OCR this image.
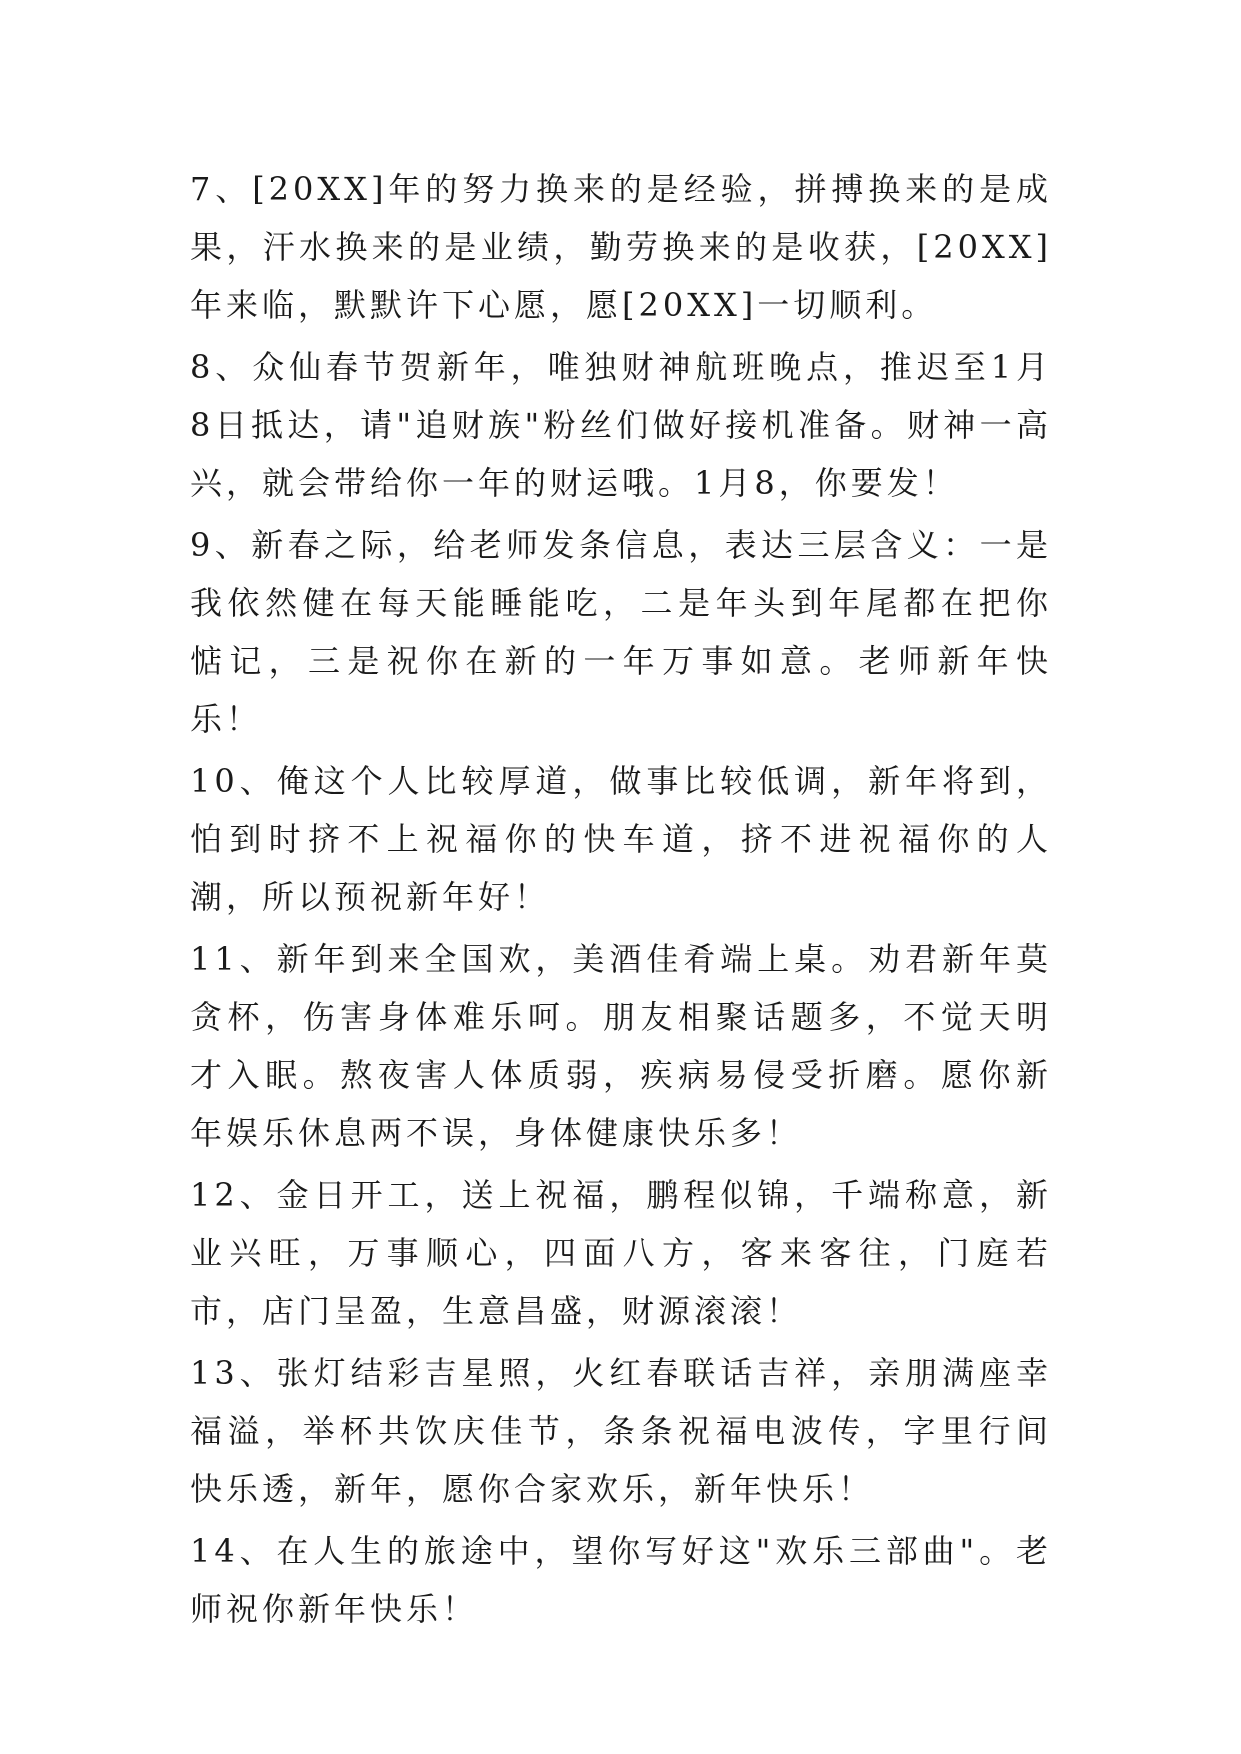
7、[20XX]年的努力换来的是经验，拼搏换来的是成果，汗水换来的是业绩，勤劳换来的是收获，[20XX]年来临，默默许下心愿，愿[20XX]一切顺利。

8、众仙春节贺新年，唯独财神航班晚点，推迟至1月8日抵达，请"追财族"粉丝们做好接机准备。财神一高兴，就会带给你一年的财运哦。1月8，你要发！

9、新春之际，给老师发条信息，表达三层含义：一是我依然健在每天能睡能吃，二是年头到年尾都在把你惦记，三是祝你在新的一年万事如意。老师新年快乐！

10、俺这个人比较厚道，做事比较低调，新年将到，怕到时挤不上祝福你的快车道，挤不进祝福你的人潮，所以预祝新年好！

11、新年到来全国欢，美酒佳肴端上桌。劝君新年莫贪杯，伤害身体难乐呵。朋友相聚话题多，不觉天明才入眠。熬夜害人体质弱，疾病易侵受折磨。愿你新年娱乐休息两不误，身体健康快乐多！

12、金日开工，送上祝福，鹏程似锦，千端称意，新业兴旺，万事顺心，四面八方，客来客往，门庭若市，店门呈盈，生意昌盛，财源滚滚！

13、张灯结彩吉星照，火红春联话吉祥，亲朋满座幸福溢，举杯共饮庆佳节，条条祝福电波传，字里行间快乐透，新年，愿你合家欢乐，新年快乐！

14、在人生的旅途中，望你写好这"欢乐三部曲"。老师祝你新年快乐！
